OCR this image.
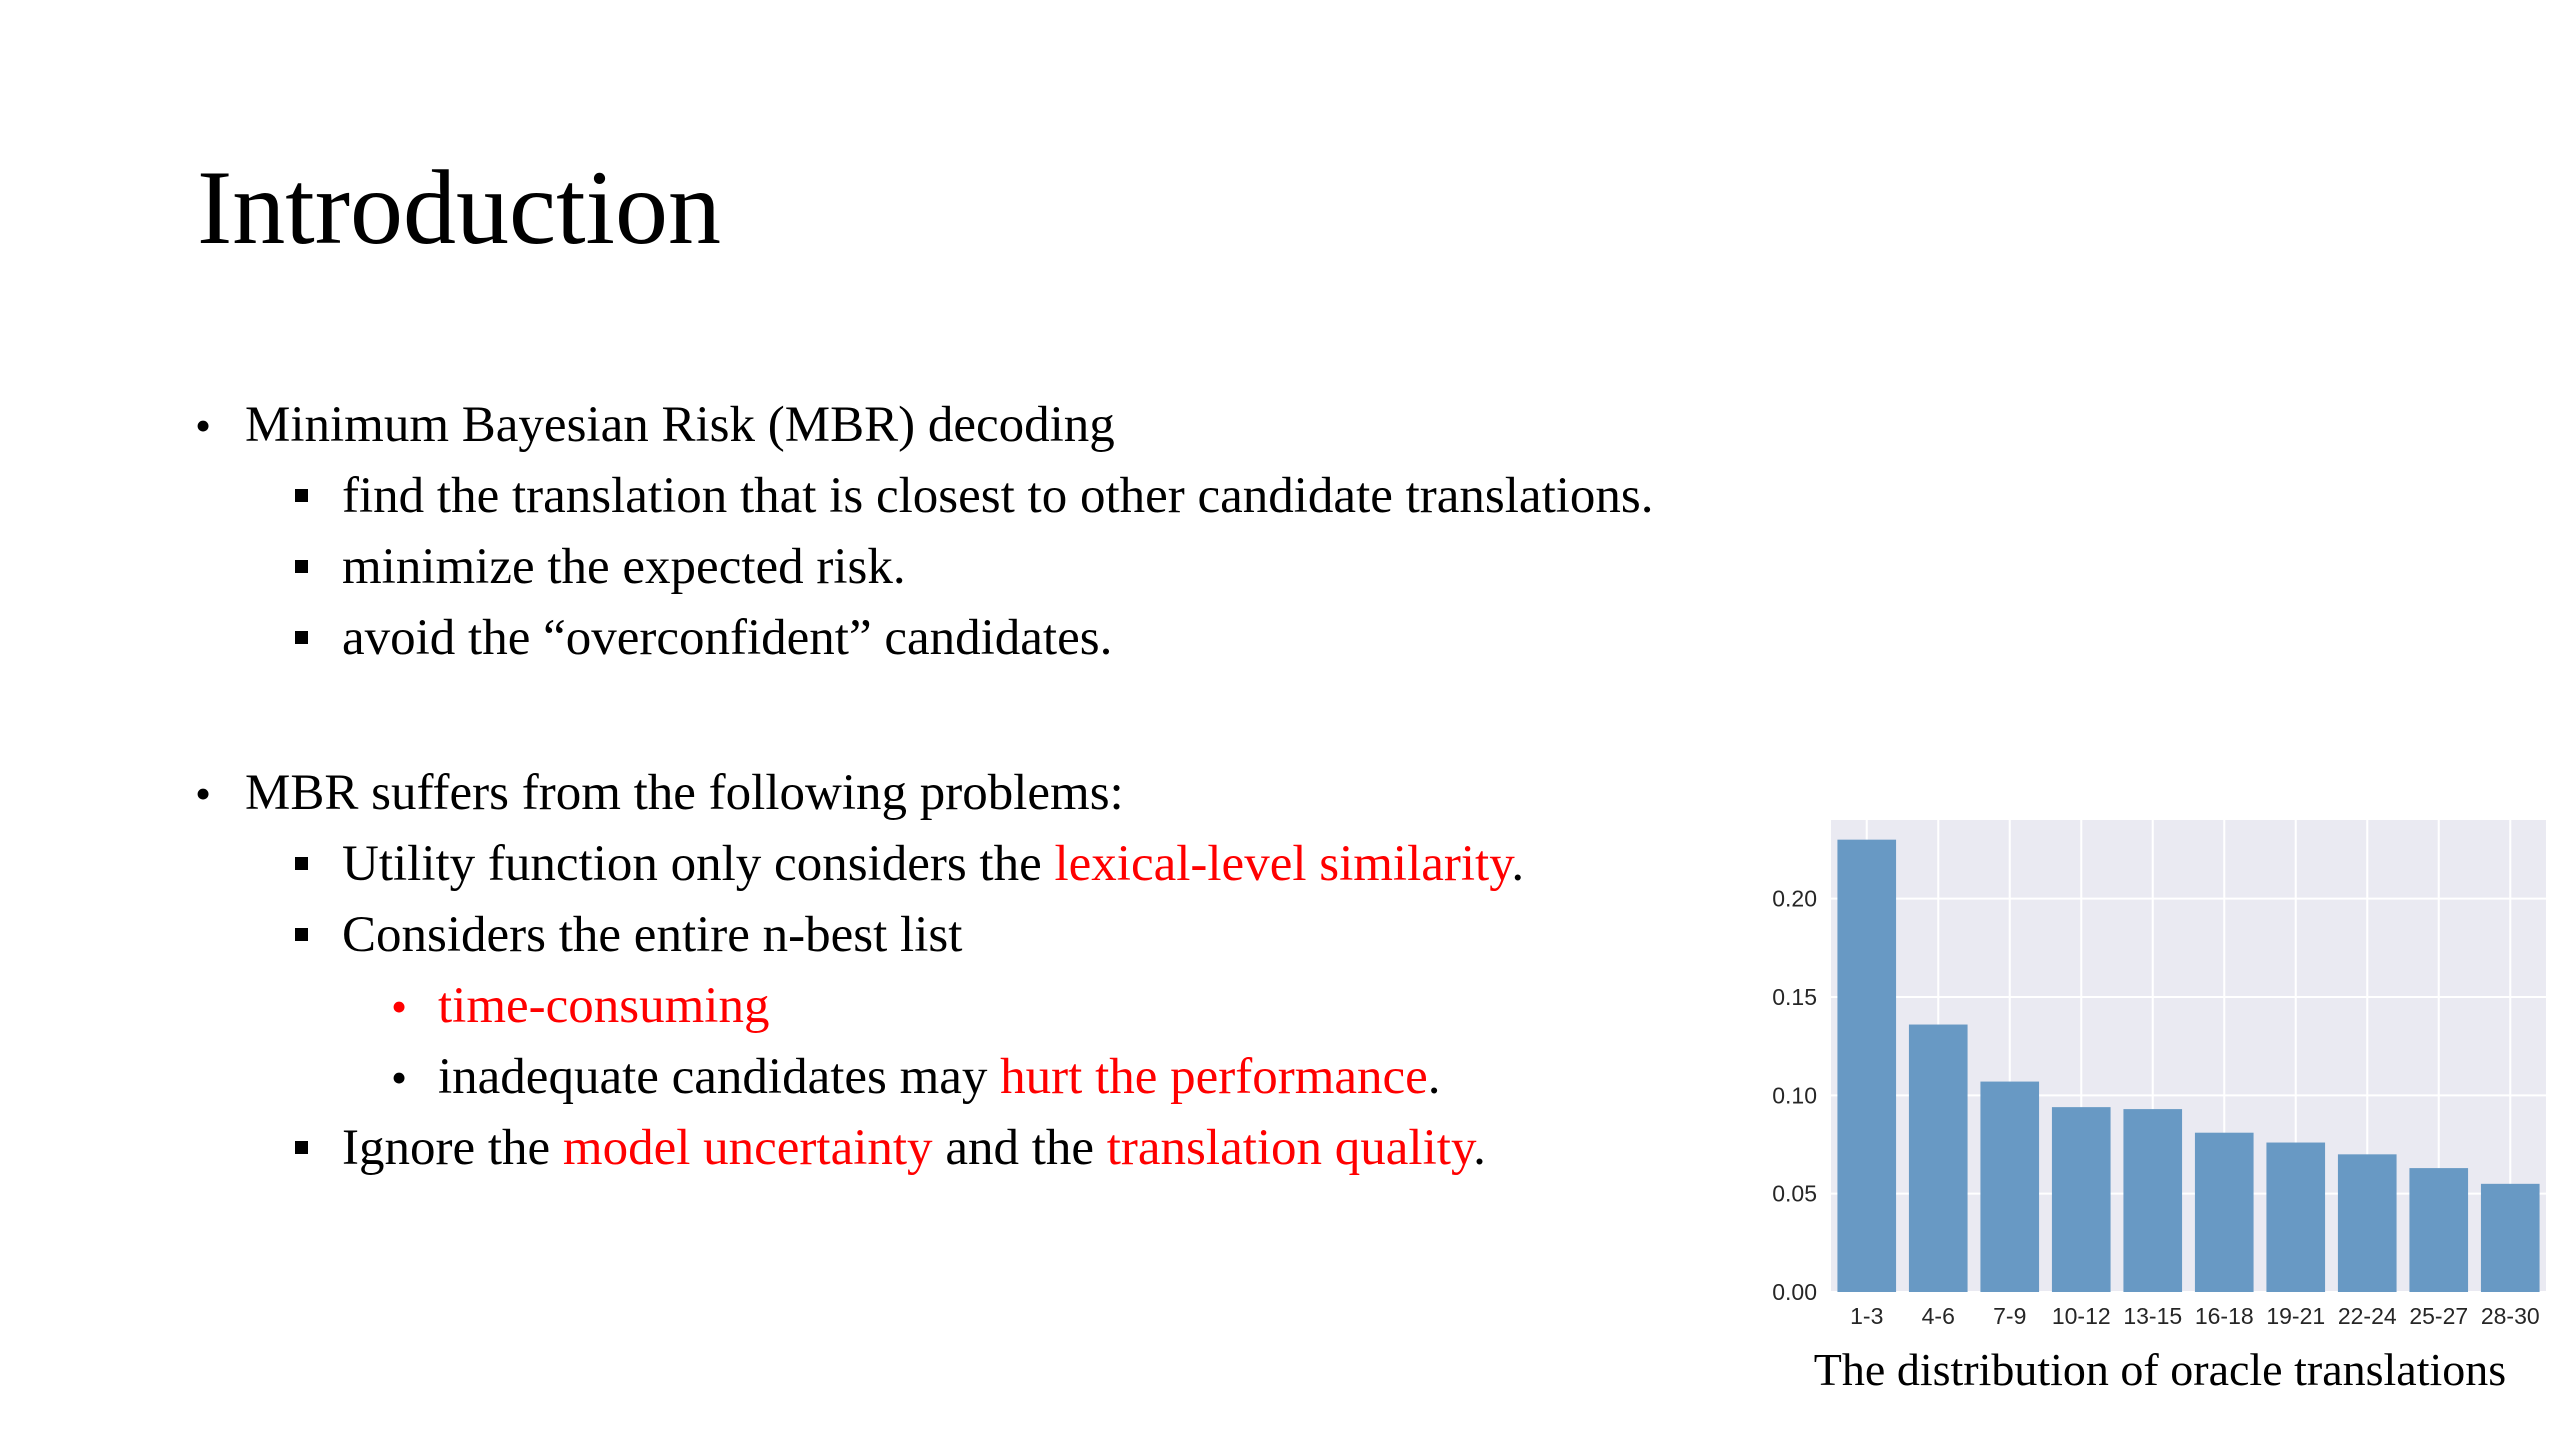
Introduction
• Minimum Bayesian Risk (MBR) decoding
find the translation that is closest to other candidate translations.
minimize the expected risk.
avoid the “overconfident” candidates.
• MBR suffers from the following problems:
Utility function only considers the lexical-level similarity.
Considers the entire n-best list
• time-consuming
• inadequate candidates may hurt the performance.
Ignore the model uncertainty and the translation quality.
0.00
0.05
0.10
0.15
0.20
1-3 4-6 7-9 10-12 13-15 16-18 19-21 22-24 25-27 28-30
The distribution of oracle translations
